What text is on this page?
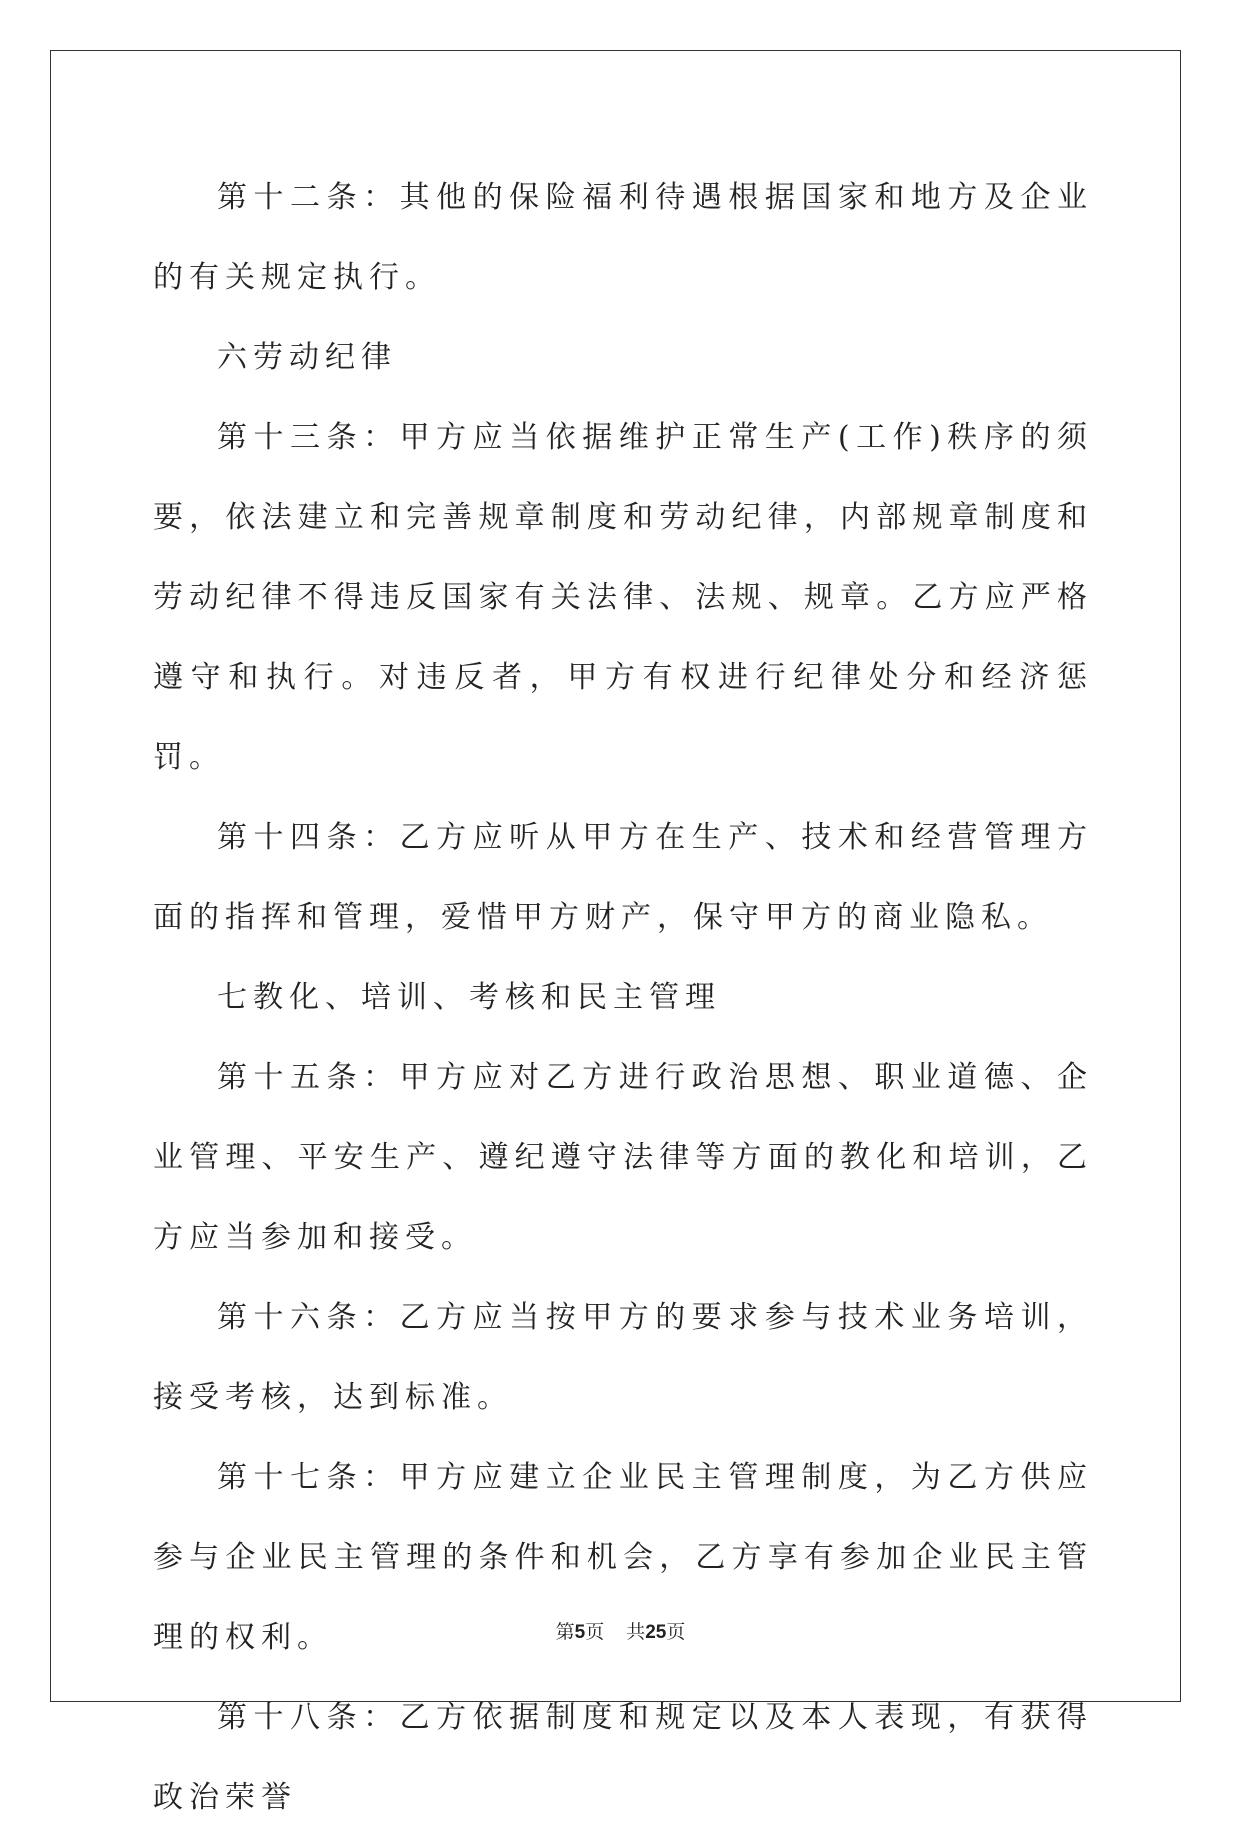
第十二条：其他的保险福利待遇根据国家和地方及企业的有关规定执行。

六劳动纪律

第十三条：甲方应当依据维护正常生产(工作)秩序的须要，依法建立和完善规章制度和劳动纪律，内部规章制度和劳动纪律不得违反国家有关法律、法规、规章。乙方应严格遵守和执行。对违反者，甲方有权进行纪律处分和经济惩罚。

第十四条：乙方应听从甲方在生产、技术和经营管理方面的指挥和管理，爱惜甲方财产，保守甲方的商业隐私。

七教化、培训、考核和民主管理

第十五条：甲方应对乙方进行政治思想、职业道德、企业管理、平安生产、遵纪遵守法律等方面的教化和培训，乙方应当参加和接受。

第十六条：乙方应当按甲方的要求参与技术业务培训，接受考核，达到标准。

第十七条：甲方应建立企业民主管理制度，为乙方供应参与企业民主管理的条件和机会，乙方享有参加企业民主管理的权利。

第十八条：乙方依据制度和规定以及本人表现，有获得政治荣誉

第5页 共25页
